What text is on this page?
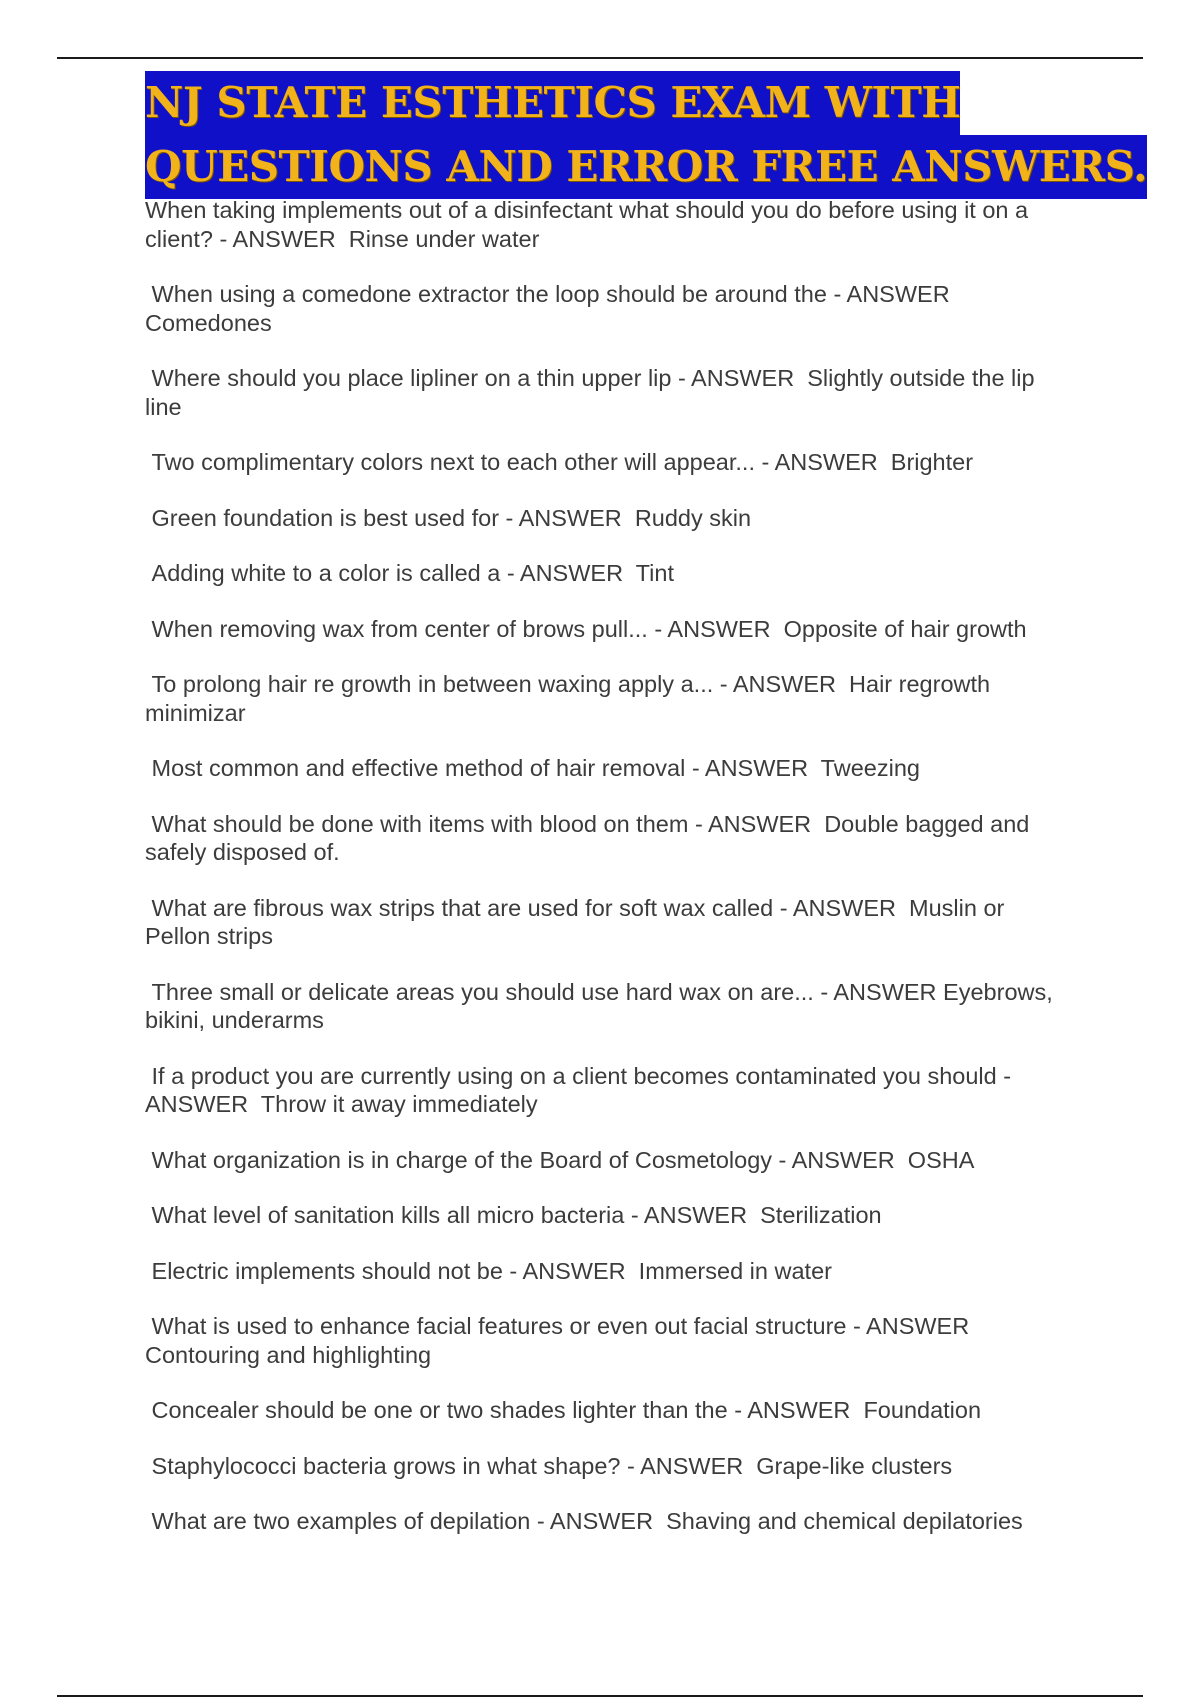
NJ STATE ESTHETICS EXAM WITH
QUESTIONS AND ERROR FREE ANSWERS.
When taking implements out of a disinfectant what should you do before using it on a client? - ANSWER  Rinse under water
When using a comedone extractor the loop should be around the - ANSWER Comedones
Where should you place lipliner on a thin upper lip - ANSWER  Slightly outside the lip line
Two complimentary colors next to each other will appear... - ANSWER  Brighter
Green foundation is best used for - ANSWER  Ruddy skin
Adding white to a color is called a - ANSWER  Tint
When removing wax from center of brows pull... - ANSWER  Opposite of hair growth
To prolong hair re growth in between waxing apply a... - ANSWER  Hair regrowth minimizar
Most common and effective method of hair removal - ANSWER  Tweezing
What should be done with items with blood on them - ANSWER  Double bagged and safely disposed of.
What are fibrous wax strips that are used for soft wax called - ANSWER  Muslin or Pellon strips
Three small or delicate areas you should use hard wax on are... - ANSWER Eyebrows, bikini, underarms
If a product you are currently using on a client becomes contaminated you should - ANSWER  Throw it away immediately
What organization is in charge of the Board of Cosmetology - ANSWER  OSHA
What level of sanitation kills all micro bacteria - ANSWER  Sterilization
Electric implements should not be - ANSWER  Immersed in water
What is used to enhance facial features or even out facial structure - ANSWER Contouring and highlighting
Concealer should be one or two shades lighter than the - ANSWER  Foundation
Staphylococci bacteria grows in what shape? - ANSWER  Grape-like clusters
What are two examples of depilation - ANSWER  Shaving and chemical depilatories
